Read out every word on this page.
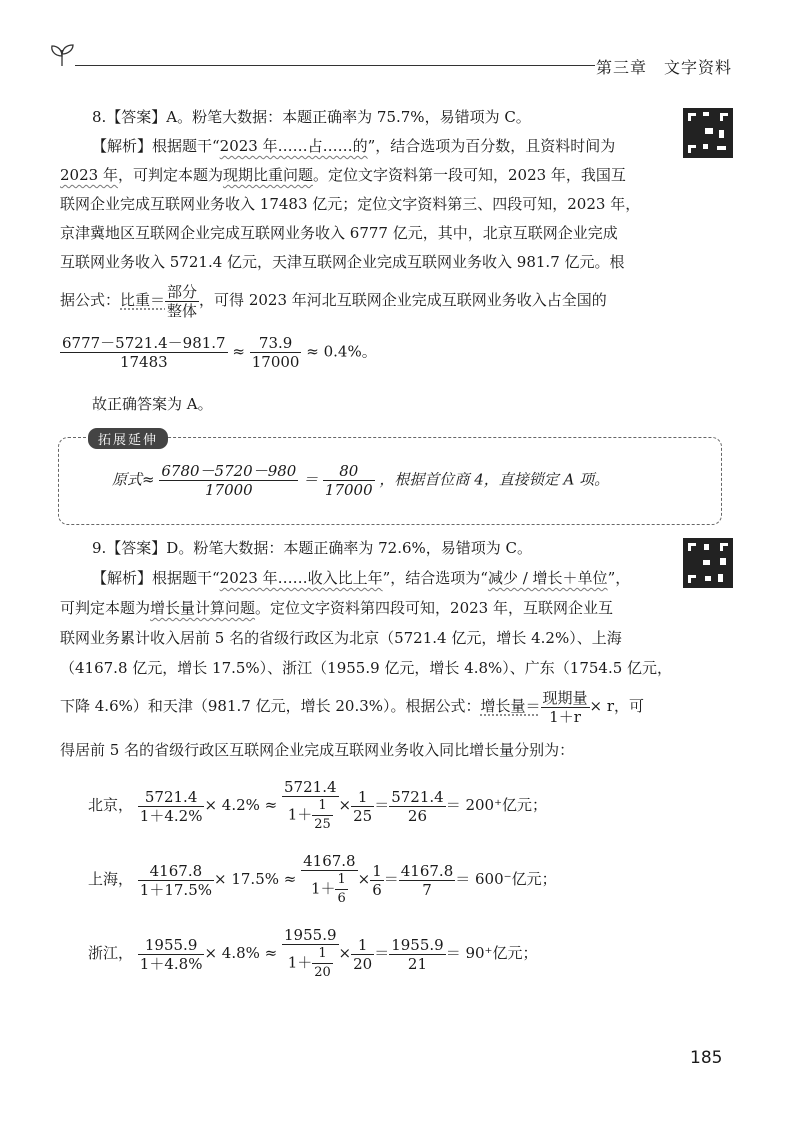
第三章　文字资料
8.【答案】A。粉笔大数据：本题正确率为 75.7%，易错项为 C。
【解析】根据题干“2023 年……占……的”，结合选项为百分数，且资料时间为
2023 年，可判定本题为现期比重问题。定位文字资料第一段可知，2023 年，我国互
联网企业完成互联网业务收入 17483 亿元；定位文字资料第三、四段可知，2023 年，
京津冀地区互联网企业完成互联网业务收入 6777 亿元，其中，北京互联网企业完成
互联网业务收入 5721.4 亿元，天津互联网企业完成互联网业务收入 981.7 亿元。根
据公式：比重＝ $\frac{\text{部分}}{\text{整体}}$ ，可得 2023 年河北互联网企业完成互联网业务收入占全国的
$\frac{6777-5721.4-981.7}{17483} \approx \frac{73.9}{17000} \approx 0.4\%$。
故正确答案为 A。
拓展延伸
原式≈ $\frac{6780-5720-980}{17000} = \frac{80}{17000}$ ，根据首位商 4，直接锁定 A 项。
9.【答案】D。粉笔大数据：本题正确率为 72.6%，易错项为 C。
【解析】根据题干“2023 年……收入比上年”，结合选项为“减少 / 增长＋单位”，
可判定本题为增长量计算问题。定位文字资料第四段可知，2023 年，互联网企业互
联网业务累计收入居前 5 名的省级行政区为北京（5721.4 亿元，增长 4.2%）、上海
（4167.8 亿元，增长 17.5%）、浙江（1955.9 亿元，增长 4.8%）、广东（1754.5 亿元，
下降 4.6%）和天津（981.7 亿元，增长 20.3%）。根据公式：增长量＝ $\frac{\text{现期量}}{1+r} \times r$，可
得居前 5 名的省级行政区互联网企业完成互联网业务收入同比增长量分别为：
北京， $\frac{5721.4}{1+4.2\%} \times 4.2\% \approx \frac{5721.4}{1+ \frac{1}{25}} \times \frac{1}{25} = \frac{5721.4}{26} = 200^+$亿元；
上海， $\frac{4167.8}{1+17.5\%} \times 17.5\% \approx \frac{4167.8}{1+ \frac{1}{6}} \times \frac{1}{6} = \frac{4167.8}{7} = 600^-$亿元；
浙江， $\frac{1955.9}{1+4.8\%} \times 4.8\% \approx \frac{1955.9}{1+ \frac{1}{20}} \times \frac{1}{20} = \frac{1955.9}{21} = 90^+$亿元；
185
